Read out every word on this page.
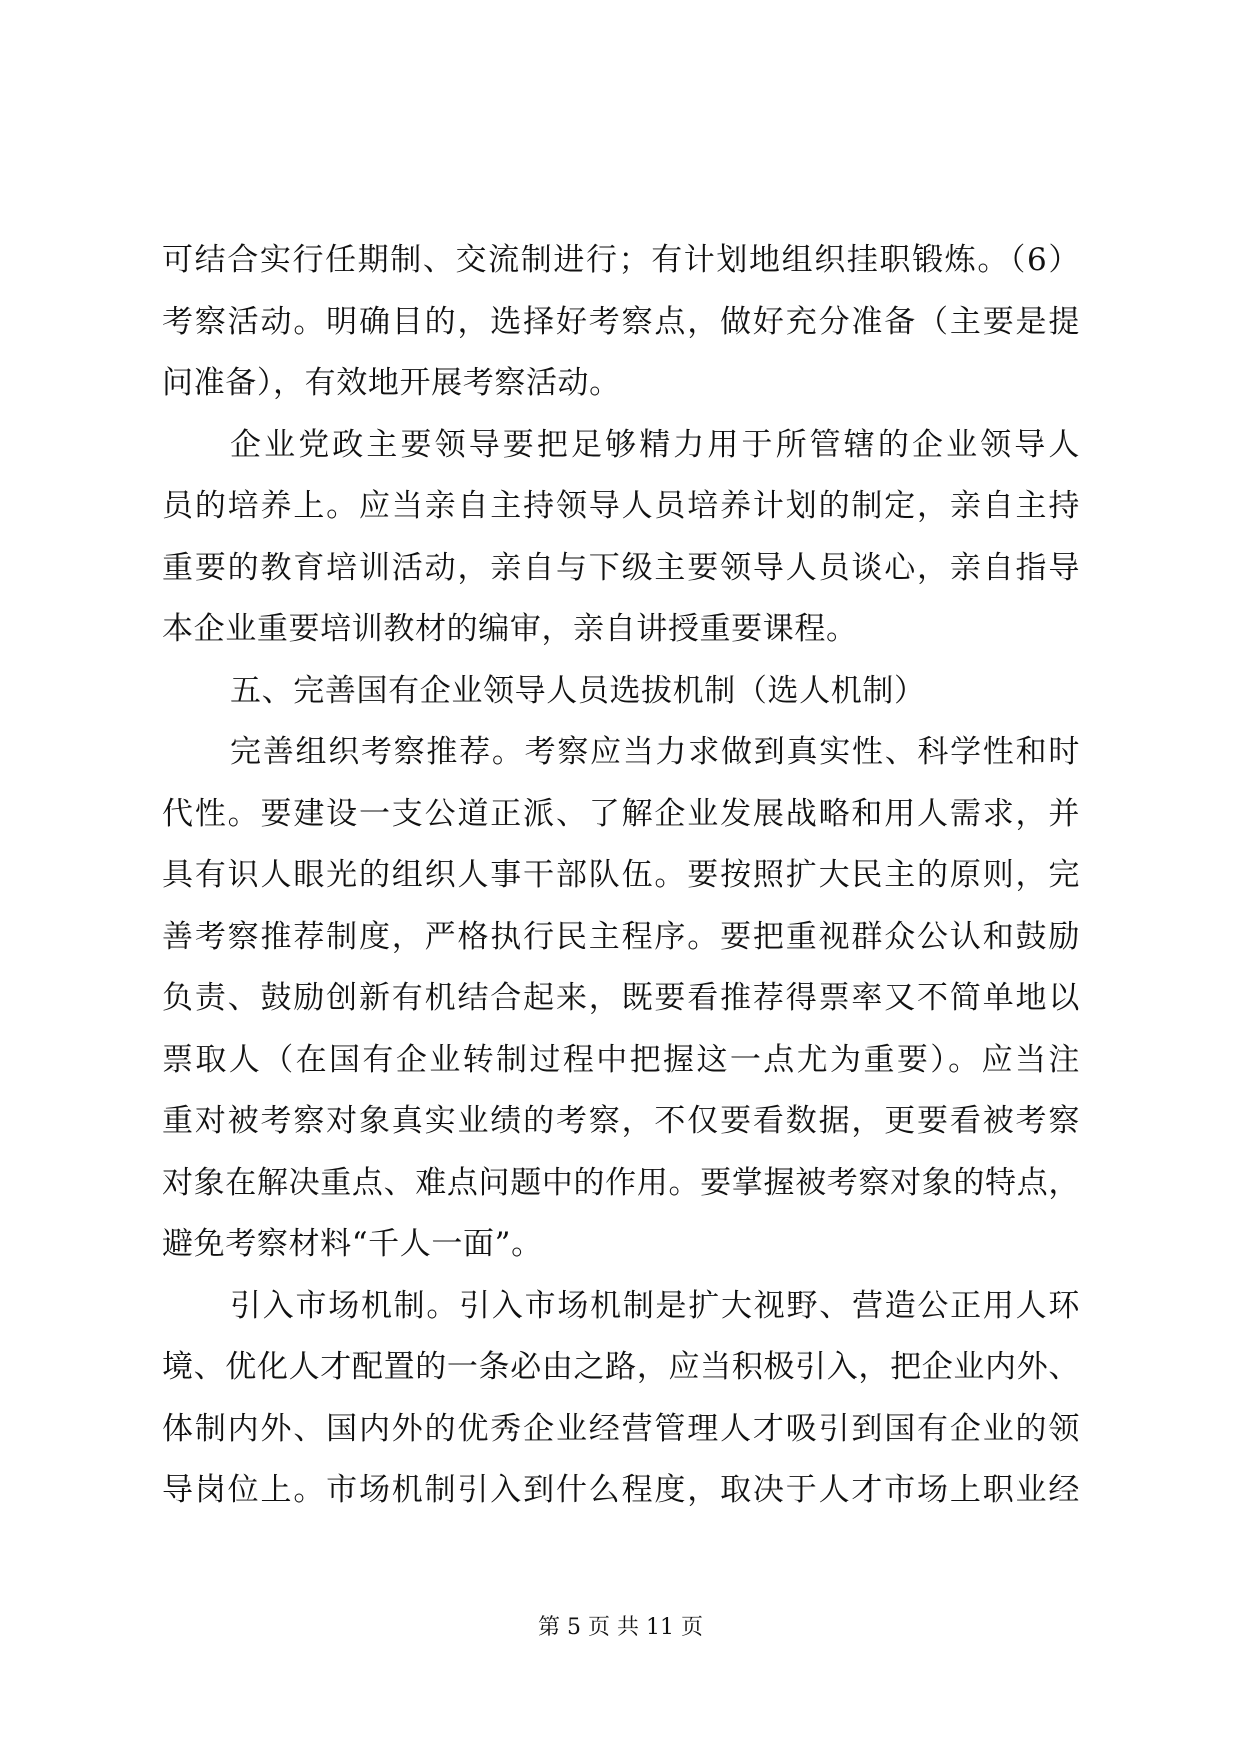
可结合实行任期制、交流制进行；有计划地组织挂职锻炼。（6）
考察活动。明确目的，选择好考察点，做好充分准备（主要是提
问准备），有效地开展考察活动。
企业党政主要领导要把足够精力用于所管辖的企业领导人
员的培养上。应当亲自主持领导人员培养计划的制定，亲自主持
重要的教育培训活动，亲自与下级主要领导人员谈心，亲自指导
本企业重要培训教材的编审，亲自讲授重要课程。
五、完善国有企业领导人员选拔机制（选人机制）
完善组织考察推荐。考察应当力求做到真实性、科学性和时
代性。要建设一支公道正派、了解企业发展战略和用人需求，并
具有识人眼光的组织人事干部队伍。要按照扩大民主的原则，完
善考察推荐制度，严格执行民主程序。要把重视群众公认和鼓励
负责、鼓励创新有机结合起来，既要看推荐得票率又不简单地以
票取人（在国有企业转制过程中把握这一点尤为重要）。应当注
重对被考察对象真实业绩的考察，不仅要看数据，更要看被考察
对象在解决重点、难点问题中的作用。要掌握被考察对象的特点，
避免考察材料“千人一面”。
引入市场机制。引入市场机制是扩大视野、营造公正用人环
境、优化人才配置的一条必由之路，应当积极引入，把企业内外、
体制内外、国内外的优秀企业经营管理人才吸引到国有企业的领
导岗位上。市场机制引入到什么程度，取决于人才市场上职业经
第 5 页 共 11 页
